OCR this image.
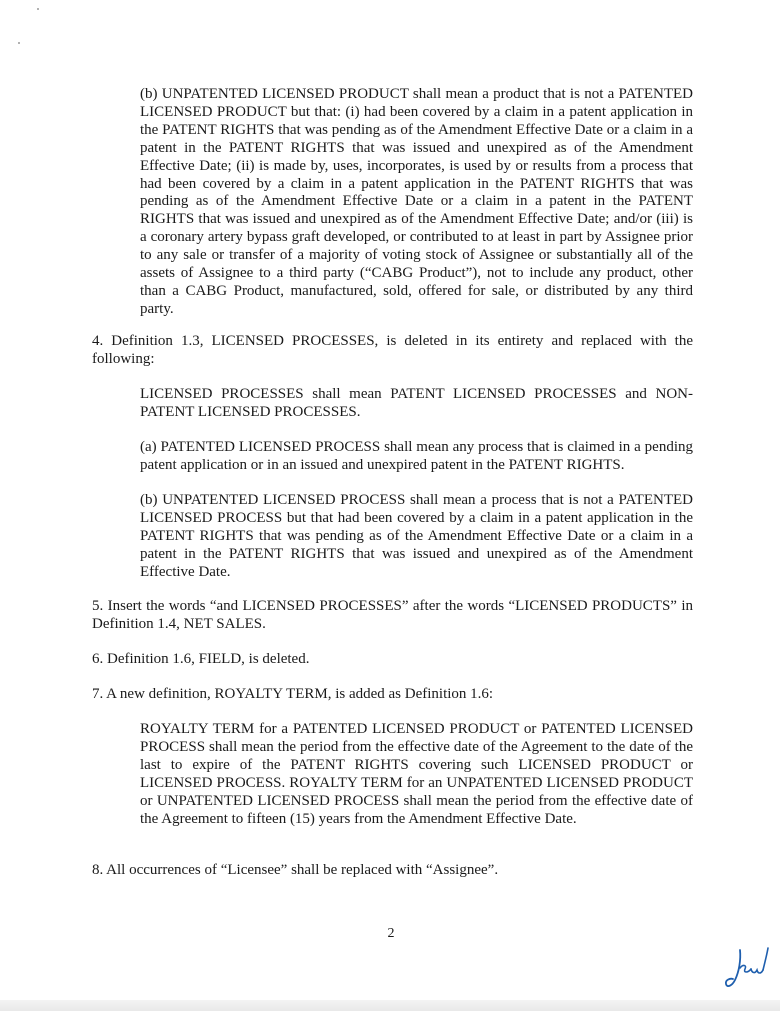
(b) UNPATENTED LICENSED PRODUCT shall mean a product that is not a PATENTED LICENSED PRODUCT but that: (i) had been covered by a claim in a patent application in the PATENT RIGHTS that was pending as of the Amendment Effective Date or a claim in a patent in the PATENT RIGHTS that was issued and unexpired as of the Amendment Effective Date; (ii) is made by, uses, incorporates, is used by or results from a process that had been covered by a claim in a patent application in the PATENT RIGHTS that was pending as of the Amendment Effective Date or a claim in a patent in the PATENT RIGHTS that was issued and unexpired as of the Amendment Effective Date; and/or (iii) is a coronary artery bypass graft developed, or contributed to at least in part by Assignee prior to any sale or transfer of a majority of voting stock of Assignee or substantially all of the assets of Assignee to a third party (“CABG Product”), not to include any product, other than a CABG Product, manufactured, sold, offered for sale, or distributed by any third party.

4. Definition 1.3, LICENSED PROCESSES, is deleted in its entirety and replaced with the following:

LICENSED PROCESSES shall mean PATENT LICENSED PROCESSES and NON-PATENT LICENSED PROCESSES.

(a) PATENTED LICENSED PROCESS shall mean any process that is claimed in a pending patent application or in an issued and unexpired patent in the PATENT RIGHTS.

(b) UNPATENTED LICENSED PROCESS shall mean a process that is not a PATENTED LICENSED PROCESS but that had been covered by a claim in a patent application in the PATENT RIGHTS that was pending as of the Amendment Effective Date or a claim in a patent in the PATENT RIGHTS that was issued and unexpired as of the Amendment Effective Date.

5. Insert the words “and LICENSED PROCESSES” after the words “LICENSED PRODUCTS” in Definition 1.4, NET SALES.

6. Definition 1.6, FIELD, is deleted.

7. A new definition, ROYALTY TERM, is added as Definition 1.6:

ROYALTY TERM for a PATENTED LICENSED PRODUCT or PATENTED LICENSED PROCESS shall mean the period from the effective date of the Agreement to the date of the last to expire of the PATENT RIGHTS covering such LICENSED PRODUCT or LICENSED PROCESS. ROYALTY TERM for an UNPATENTED LICENSED PRODUCT or UNPATENTED LICENSED PROCESS shall mean the period from the effective date of the Agreement to fifteen (15) years from the Amendment Effective Date.

8. All occurrences of “Licensee” shall be replaced with “Assignee”.

2
